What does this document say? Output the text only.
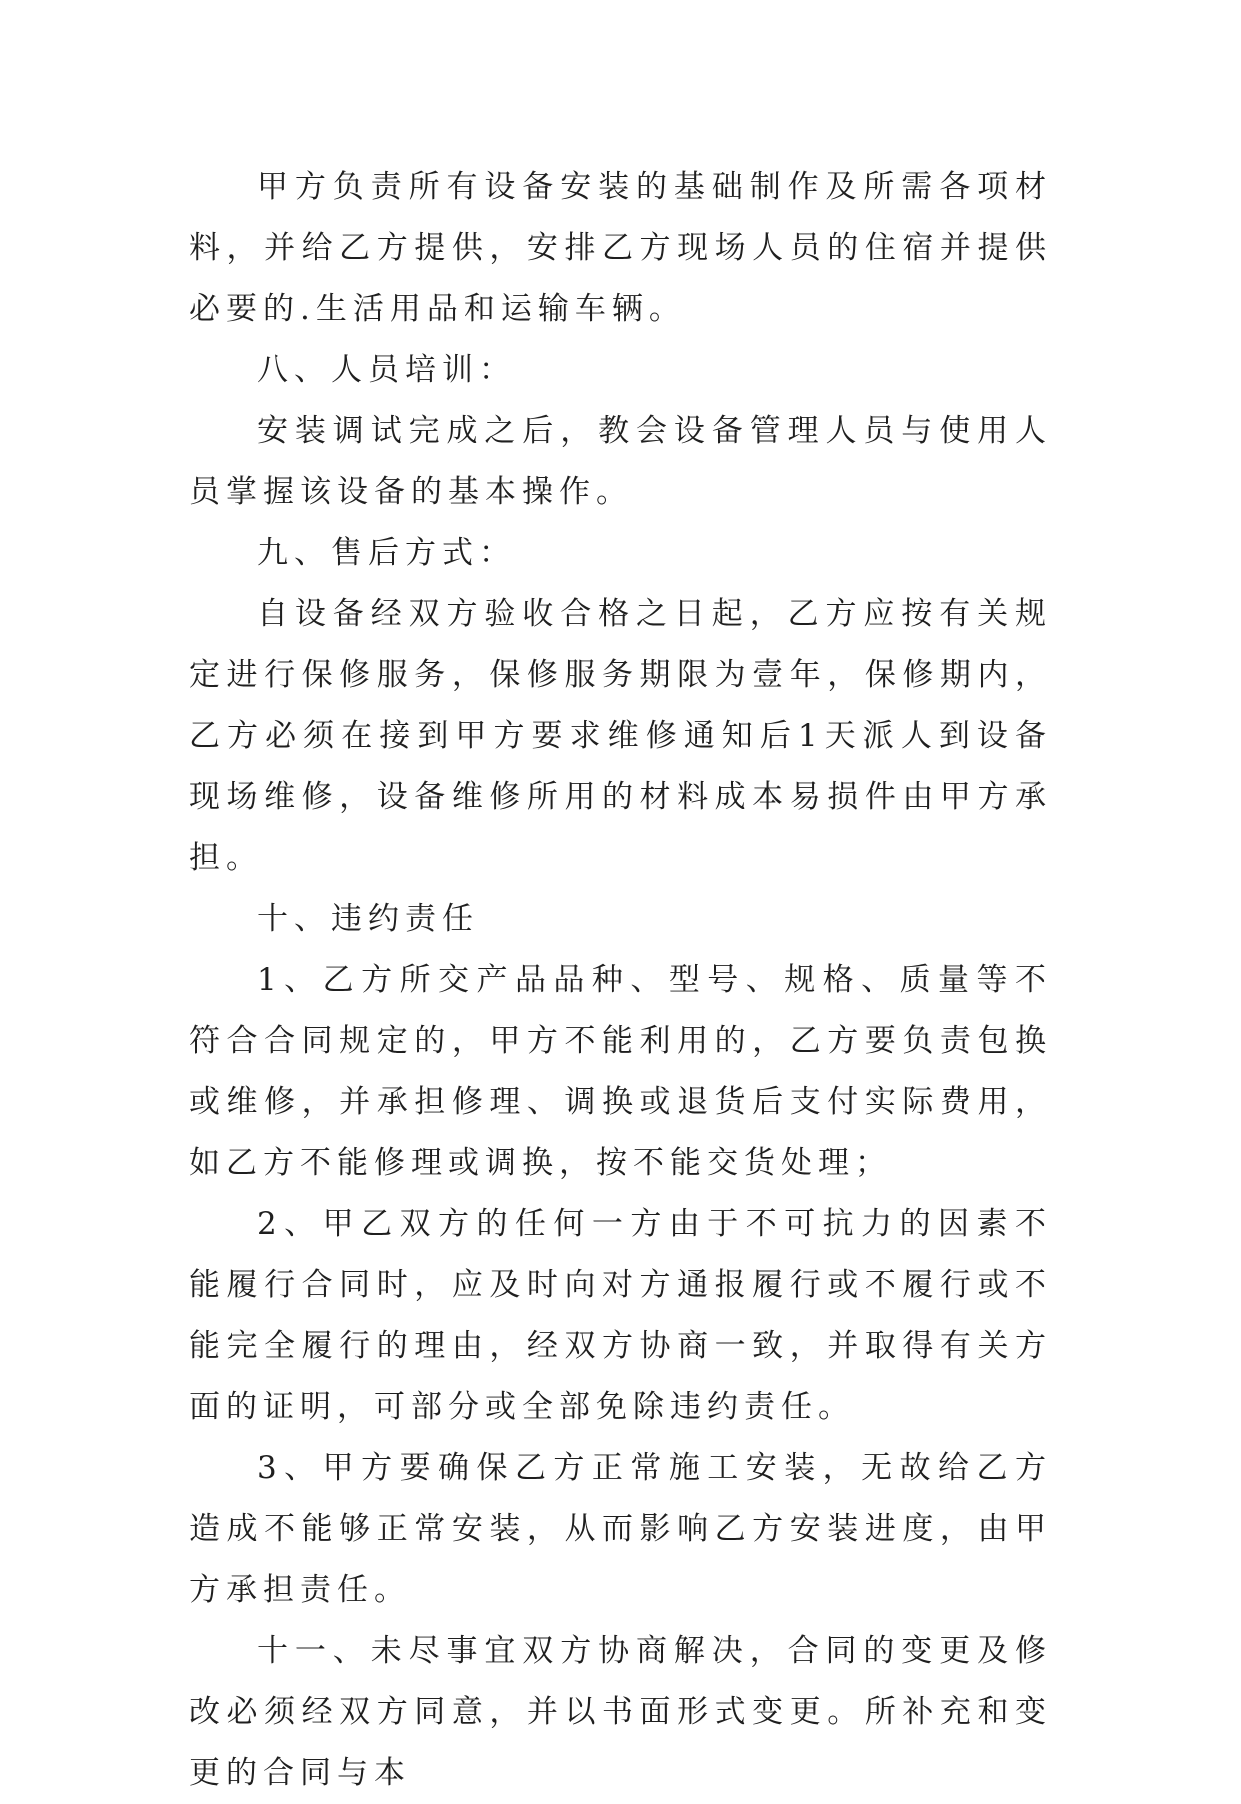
甲方负责所有设备安装的基础制作及所需各项材料，并给乙方提供，安排乙方现场人员的住宿并提供必要的.生活用品和运输车辆。

八、人员培训：

安装调试完成之后，教会设备管理人员与使用人员掌握该设备的基本操作。

九、售后方式：

自设备经双方验收合格之日起，乙方应按有关规定进行保修服务，保修服务期限为壹年，保修期内，乙方必须在接到甲方要求维修通知后1天派人到设备现场维修，设备维修所用的材料成本易损件由甲方承担。

十、违约责任

1、乙方所交产品品种、型号、规格、质量等不符合合同规定的，甲方不能利用的，乙方要负责包换或维修，并承担修理、调换或退货后支付实际费用，如乙方不能修理或调换，按不能交货处理；

2、甲乙双方的任何一方由于不可抗力的因素不能履行合同时，应及时向对方通报履行或不履行或不能完全履行的理由，经双方协商一致，并取得有关方面的证明，可部分或全部免除违约责任。

3、甲方要确保乙方正常施工安装，无故给乙方造成不能够正常安装，从而影响乙方安装进度，由甲方承担责任。

十一、未尽事宜双方协商解决，合同的变更及修改必须经双方同意，并以书面形式变更。所补充和变更的合同与本
